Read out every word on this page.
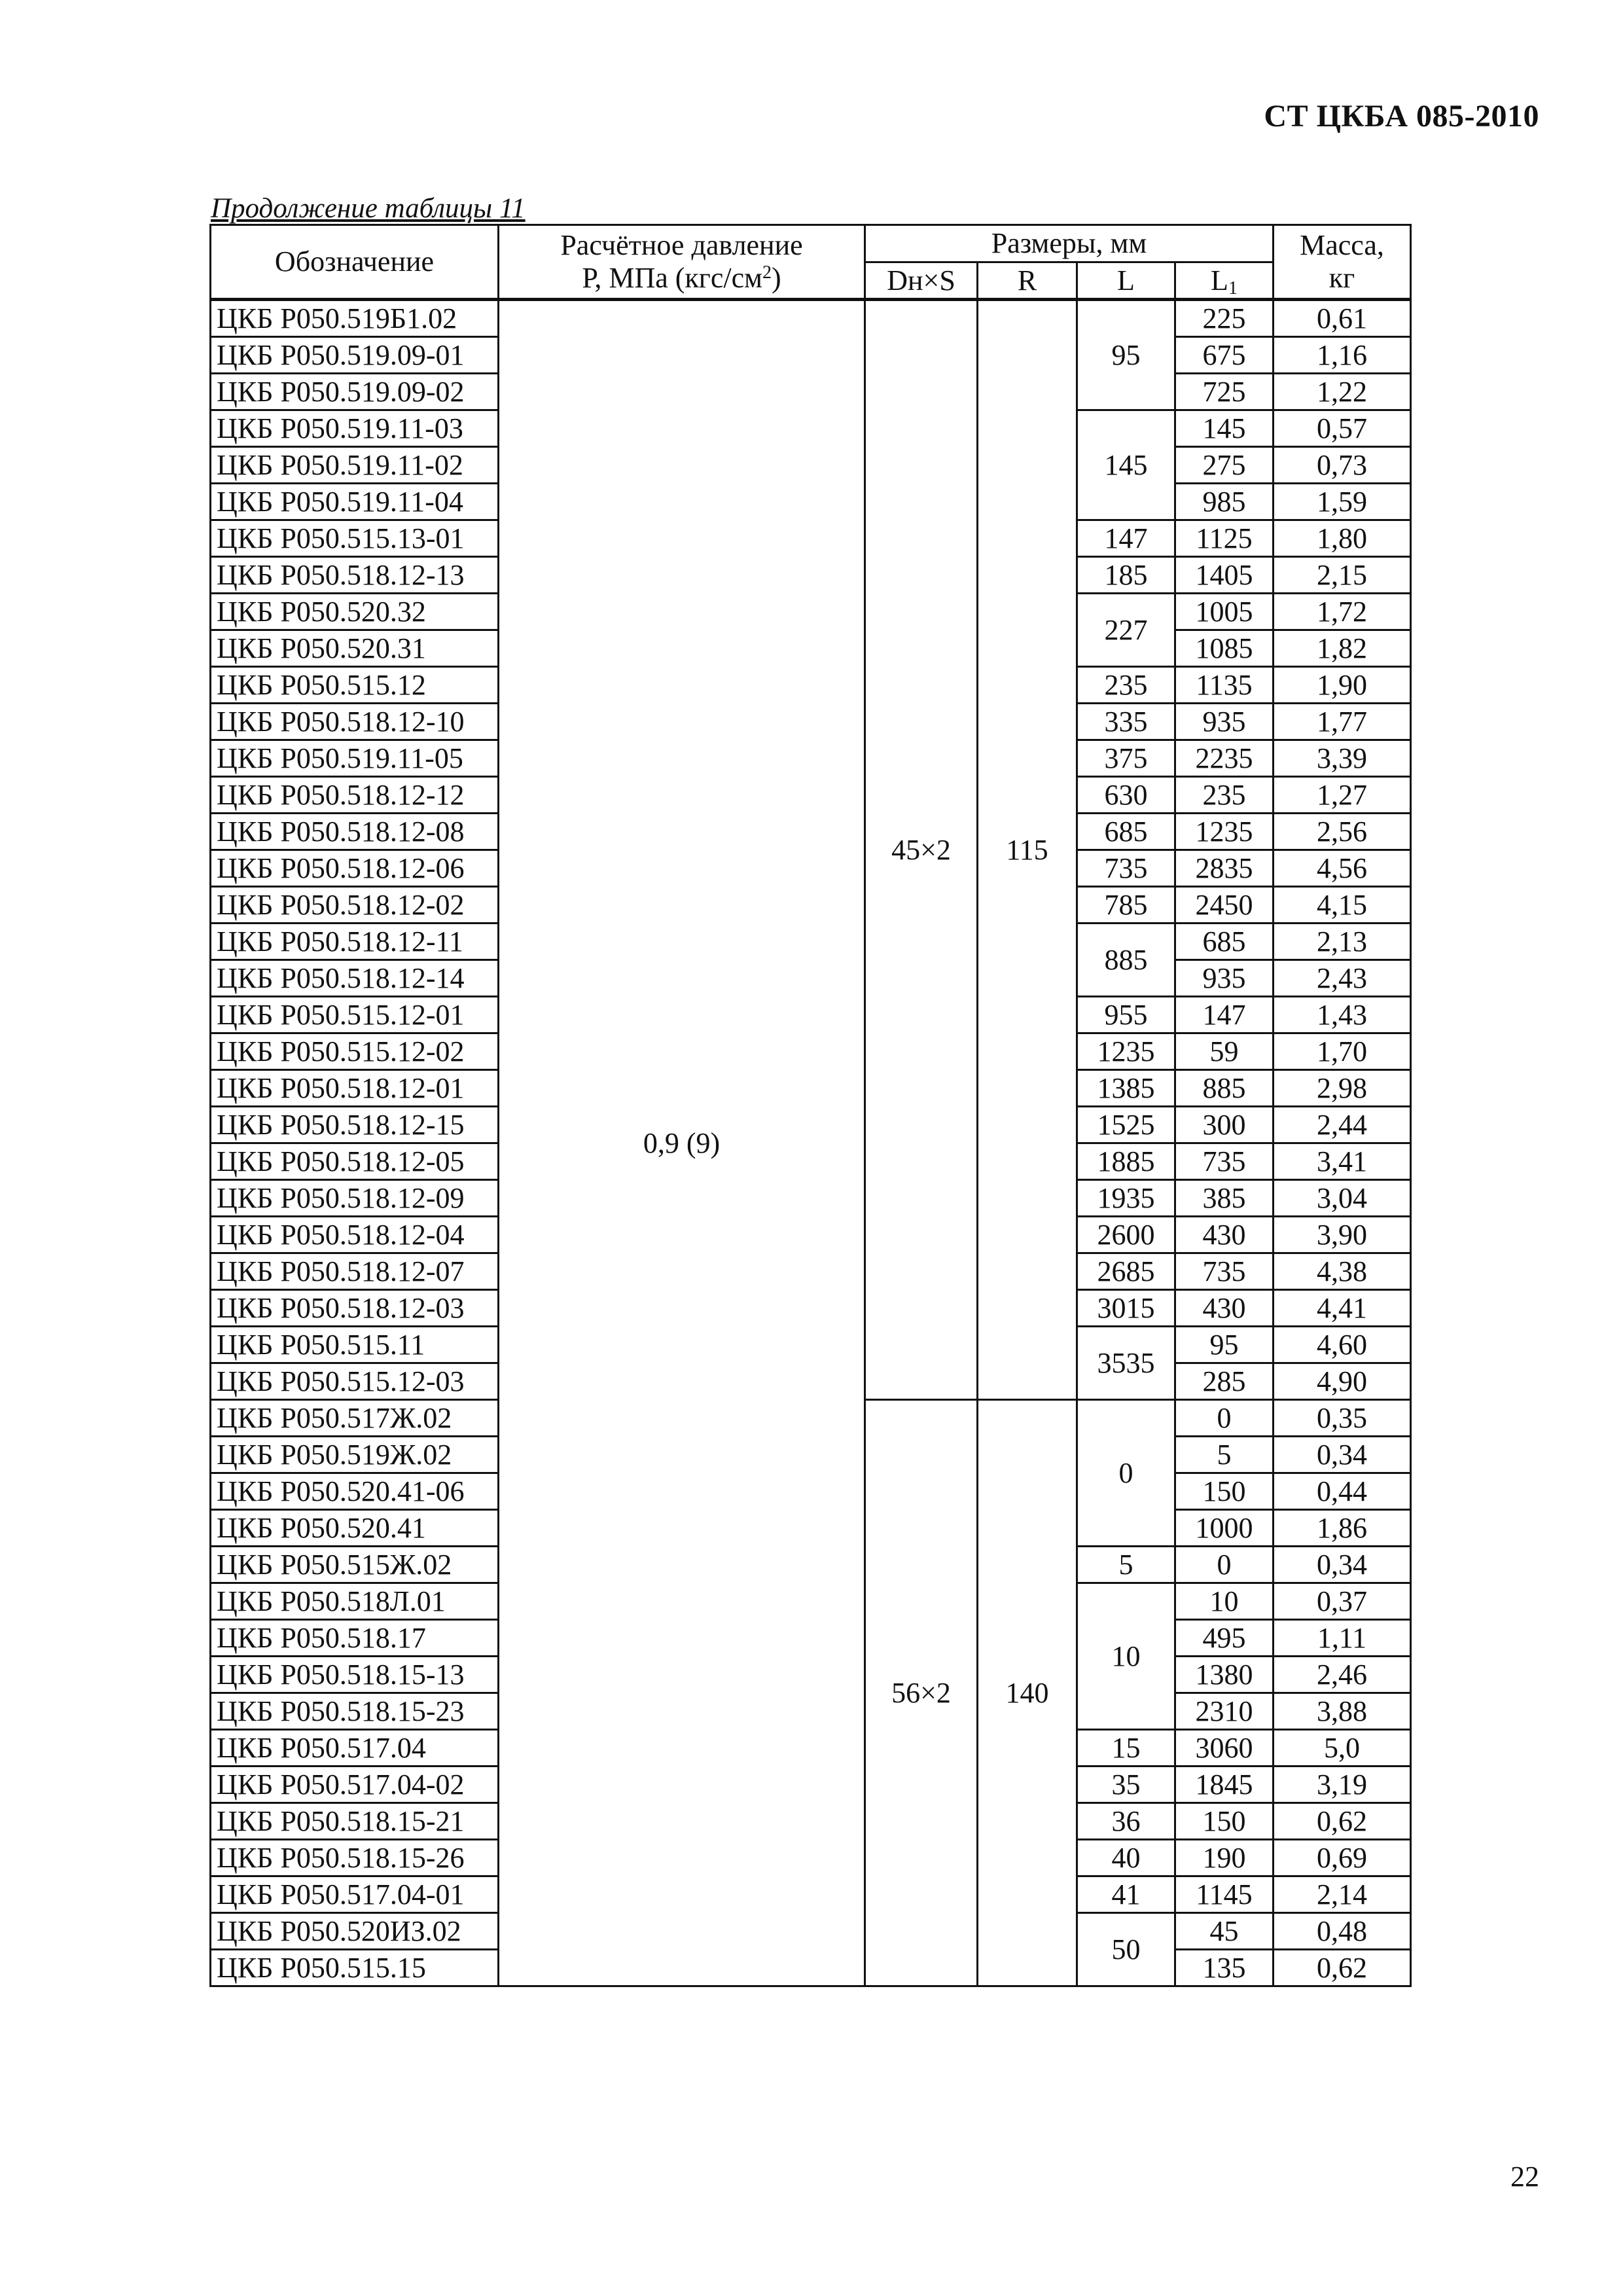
СТ ЦКБА 085-2010
Продолжение таблицы 11
Обозначение	Расчётное давление
Р, МПа $(кгс/см^2)$	Размеры, мм				Масса,
кг
		Dн×S	R	L	$L_1$
ЦКБ Р050.519Б1.02	0,9 (9)	45×2	115	95	225	0,61
ЦКБ Р050.519.09-01					675	1,16
ЦКБ Р050.519.09-02					725	1,22
ЦКБ Р050.519.11-03				145	145	0,57
ЦКБ Р050.519.11-02					275	0,73
ЦКБ Р050.519.11-04					985	1,59
ЦКБ Р050.515.13-01				147	1125	1,80
ЦКБ Р050.518.12-13				185	1405	2,15
ЦКБ Р050.520.32				227	1005	1,72
ЦКБ Р050.520.31					1085	1,82
ЦКБ Р050.515.12				235	1135	1,90
ЦКБ Р050.518.12-10				335	935	1,77
ЦКБ Р050.519.11-05				375	2235	3,39
ЦКБ Р050.518.12-12				630	235	1,27
ЦКБ Р050.518.12-08				685	1235	2,56
ЦКБ Р050.518.12-06				735	2835	4,56
ЦКБ Р050.518.12-02				785	2450	4,15
ЦКБ Р050.518.12-11				885	685	2,13
ЦКБ Р050.518.12-14					935	2,43
ЦКБ Р050.515.12-01				955	147	1,43
ЦКБ Р050.515.12-02				1235	59	1,70
ЦКБ Р050.518.12-01				1385	885	2,98
ЦКБ Р050.518.12-15				1525	300	2,44
ЦКБ Р050.518.12-05				1885	735	3,41
ЦКБ Р050.518.12-09				1935	385	3,04
ЦКБ Р050.518.12-04				2600	430	3,90
ЦКБ Р050.518.12-07				2685	735	4,38
ЦКБ Р050.518.12-03				3015	430	4,41
ЦКБ Р050.515.11				3535	95	4,60
ЦКБ Р050.515.12-03					285	4,90
ЦКБ Р050.517Ж.02		56×2	140	0	0	0,35
ЦКБ Р050.519Ж.02					5	0,34
ЦКБ Р050.520.41-06					150	0,44
ЦКБ Р050.520.41					1000	1,86
ЦКБ Р050.515Ж.02				5	0	0,34
ЦКБ Р050.518Л.01				10	10	0,37
ЦКБ Р050.518.17					495	1,11
ЦКБ Р050.518.15-13					1380	2,46
ЦКБ Р050.518.15-23					2310	3,88
ЦКБ Р050.517.04				15	3060	5,0
ЦКБ Р050.517.04-02				35	1845	3,19
ЦКБ Р050.518.15-21				36	150	0,62
ЦКБ Р050.518.15-26				40	190	0,69
ЦКБ Р050.517.04-01				41	1145	2,14
ЦКБ Р050.520ИЗ.02				50	45	0,48
ЦКБ Р050.515.15					135	0,62
22
